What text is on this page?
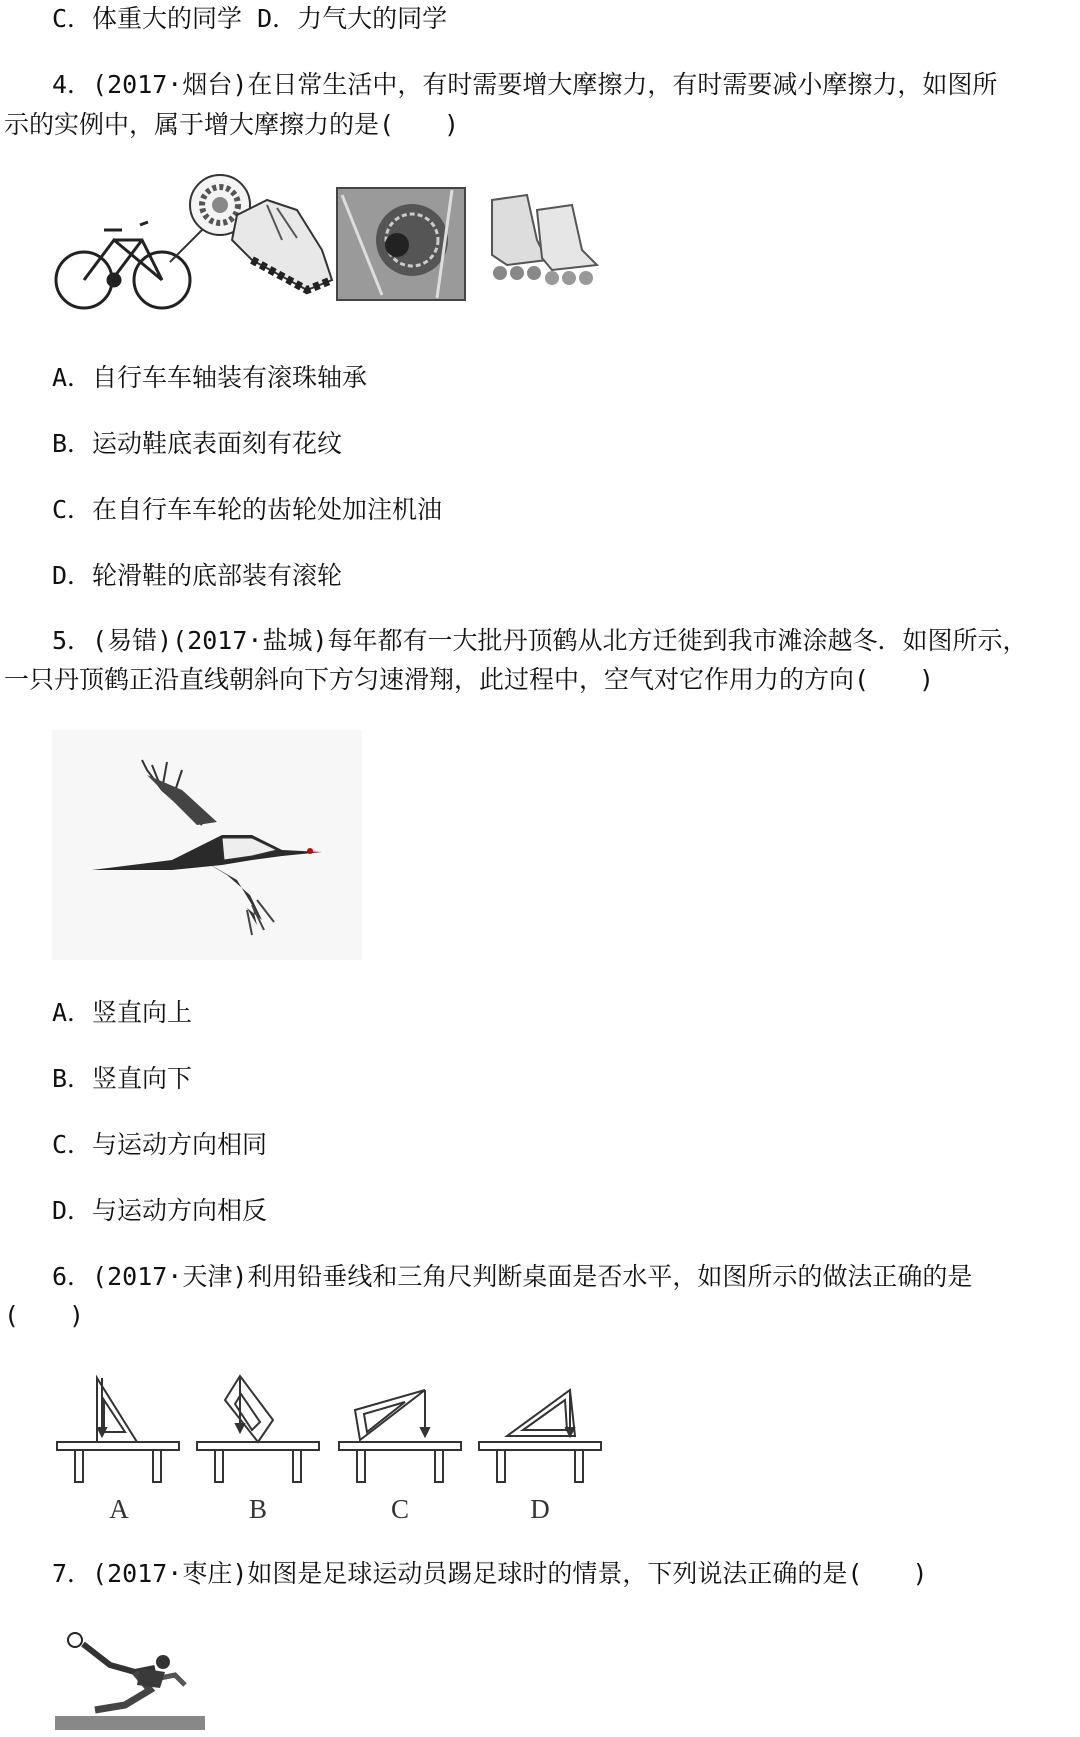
C．体重大的同学 D．力气大的同学
4．(2017·烟台)在日常生活中，有时需要增大摩擦力，有时需要减小摩擦力，如图所
示的实例中，属于增大摩擦力的是(　　)
A．自行车车轴装有滚珠轴承
B．运动鞋底表面刻有花纹
C．在自行车车轮的齿轮处加注机油
D．轮滑鞋的底部装有滚轮
5．(易错)(2017·盐城)每年都有一大批丹顶鹤从北方迁徙到我市滩涂越冬．如图所示，
一只丹顶鹤正沿直线朝斜向下方匀速滑翔，此过程中，空气对它作用力的方向(　　)
A．竖直向上
B．竖直向下
C．与运动方向相同
D．与运动方向相反
6．(2017·天津)利用铅垂线和三角尺判断桌面是否水平，如图所示的做法正确的是
(　　)
A	B	C	D
7．(2017·枣庄)如图是足球运动员踢足球时的情景，下列说法正确的是(　　)
